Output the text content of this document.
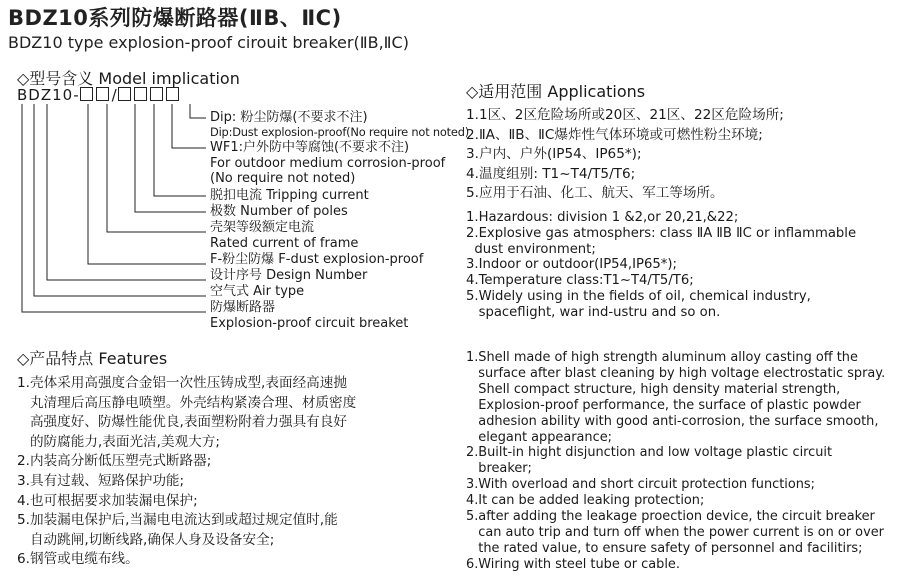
BDZ10系列防爆断路器(ⅡB、ⅡC)
BDZ10 type explosion-proof cirouit breaker(ⅡB,ⅡC)
◇型号含义 Model implication
BDZ10- /
Dip: 粉尘防爆(不要求不注)
Dip:Dust explosion-proof(No require not noted)
WF1:户外防中等腐蚀(不要求不注)
For outdoor medium corrosion-proof
(No require not noted)
脱扣电流 Tripping current
极数 Number of poles
壳架等级额定电流
Rated current of frame
F-粉尘防爆 F-dust explosion-proof
设计序号 Design Number
空气式 Air type
防爆断路器
Explosion-proof circuit breaket
◇适用范围 Applications
1.1区、2区危险场所或20区、21区、22区危险场所;
2.ⅡA、ⅡB、ⅡC爆炸性气体环境或可燃性粉尘环境;
3.户内、户外(IP54、IP65*);
4.温度组别: T1~T4/T5/T6;
5.应用于石油、化工、航天、军工等场所。
1.Hazardous: division 1 &2,or 20,21,&22;
2.Explosive gas atmosphers: class ⅡA ⅡB ⅡC or inflammable
dust environment;
3.Indoor or outdoor(IP54,IP65*);
4.Temperature class:T1~T4/T5/T6;
5.Widely using in the fields of oil, chemical industry,
spaceflight, war ind-ustru and so on.
◇产品特点 Features
1.壳体采用高强度合金铝一次性压铸成型,表面经高速抛
丸清理后高压静电喷塑。外壳结构紧凑合理、材质密度
高强度好、防爆性能优良,表面塑粉附着力强具有良好
的防腐能力,表面光洁,美观大方;
2.内装高分断低压塑壳式断路器;
3.具有过载、短路保护功能;
4.也可根据要求加装漏电保护;
5.加装漏电保护后,当漏电电流达到或超过规定值时,能
自动跳闸,切断线路,确保人身及设备安全;
6.钢管或电缆布线。
1.Shell made of high strength aluminum alloy casting off the
surface after blast cleaning by high voltage electrostatic spray.
Shell compact structure, high density material strength,
Explosion-proof performance, the surface of plastic powder
adhesion ability with good anti-corrosion, the surface smooth,
elegant appearance;
2.Built-in hight disjunction and low voltage plastic circuit
breaker;
3.With overload and short circuit protection functions;
4.It can be added leaking protection;
5.after adding the leakage proection device, the circuit breaker
can auto trip and turn off when the power current is on or over
the rated value, to ensure safety of personnel and facilitirs;
6.Wiring with steel tube or cable.
